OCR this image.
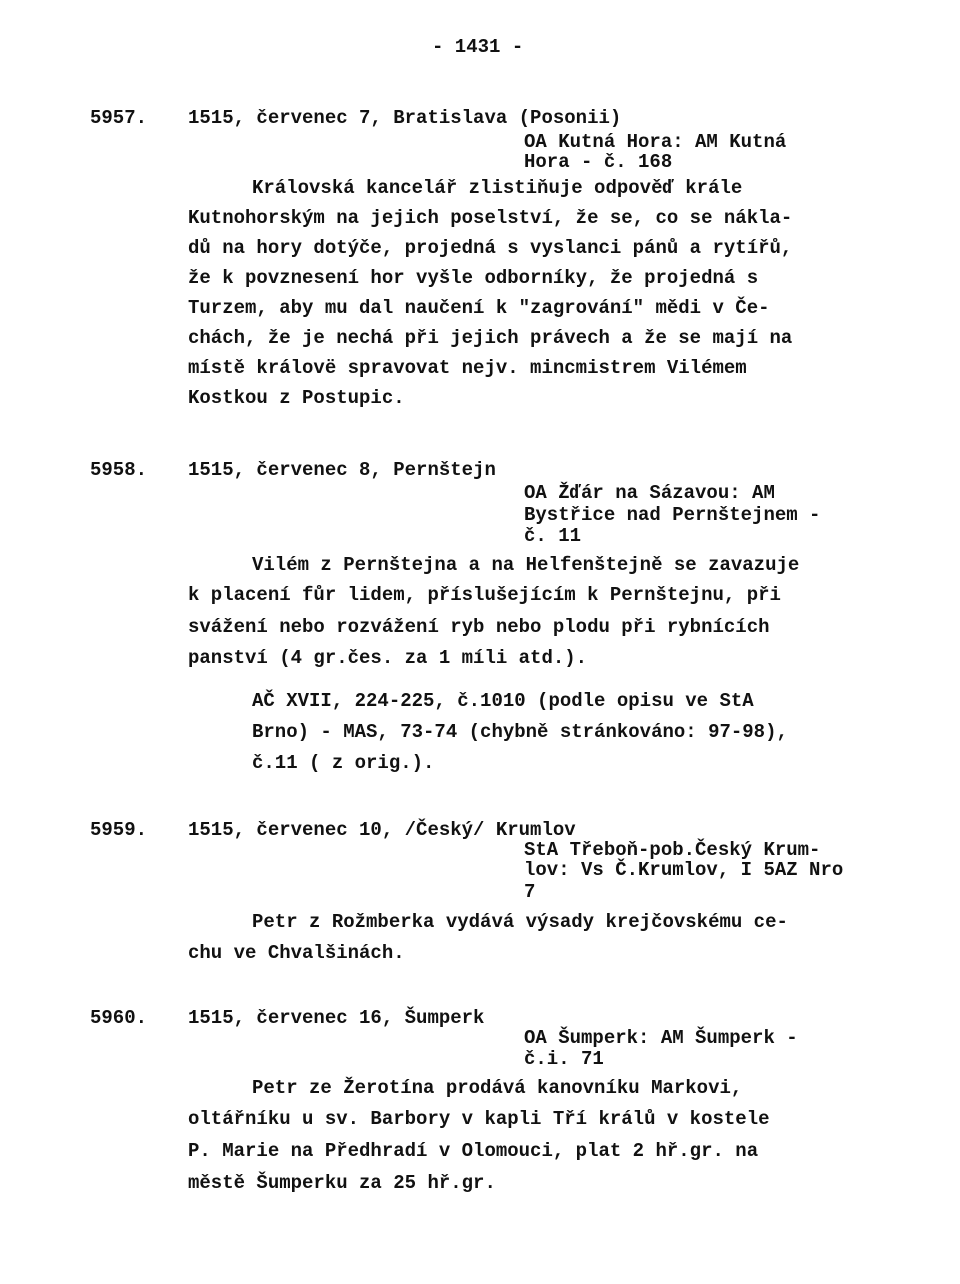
- 1431 -
5957. 1515, červenec 7, Bratislava (Posonii)
OA Kutná Hora: AM Kutná
Hora - č. 168
Královská kancelář zlistiňuje odpověď krále
Kutnohorským na jejich poselství, že se, co se nákla-
dů na hory dotýče, projedná s vyslanci pánů a rytířů,
že k povznesení hor vyšle odborníky, že projedná s
Turzem, aby mu dal naučení k "zagrování" mědi v Če-
chách, že je nechá při jejich právech a že se mají na
místě královë spravovat nejv. mincmistrem Vilémem
Kostkou z Postupic.
5958. 1515, červenec 8, Pernštejn
OA Žďár na Sázavou: AM
Bystřice nad Pernštejnem -
č. 11
Vilém z Pernštejna a na Helfenštejně se zavazuje
k placení fůr lidem, příslušejícím k Pernštejnu, při
svážení nebo rozvážení ryb nebo plodu při rybnících
panství (4 gr.čes. za 1 míli atd.).
AČ XVII, 224-225, č.1010 (podle opisu ve StA
Brno) - MAS, 73-74 (chybně stránkováno: 97-98),
č.11 ( z orig.).
5959. 1515, červenec 10, /Český/ Krumlov
StA Třeboň-pob.Český Krum-
lov: Vs Č.Krumlov, I 5AZ Nro
7
Petr z Rožmberka vydává výsady krejčovskému ce-
chu ve Chvalšinách.
5960. 1515, červenec 16, Šumperk
OA Šumperk: AM Šumperk -
č.i. 71
Petr ze Žerotína prodává kanovníku Markovi,
oltářníku u sv. Barbory v kapli Tří králů v kostele
P. Marie na Předhradí v Olomouci, plat 2 hř.gr. na
městě Šumperku za 25 hř.gr.
